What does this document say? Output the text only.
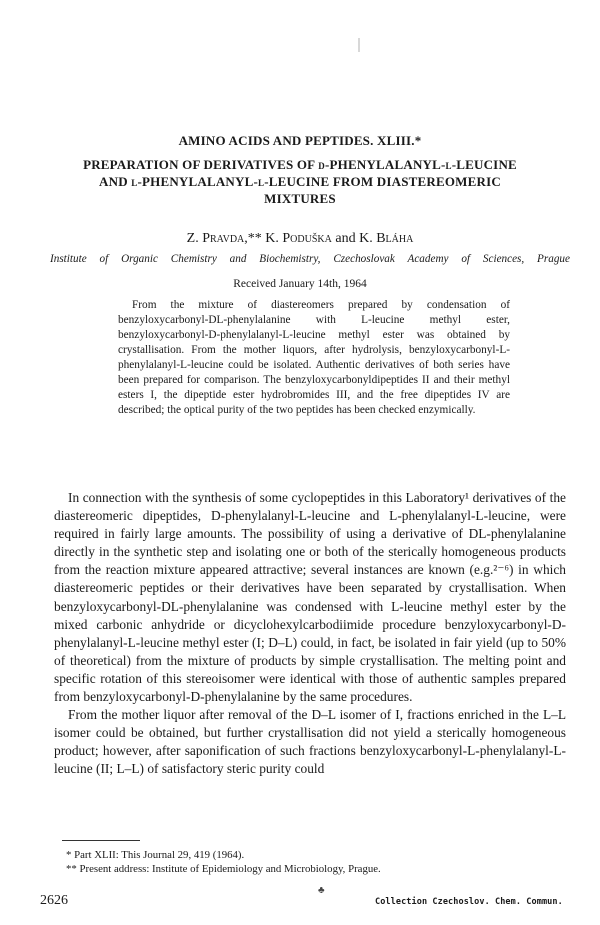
AMINO ACIDS AND PEPTIDES. XLIII.*
PREPARATION OF DERIVATIVES OF d-PHENYLALANYL-l-LEUCINE
AND l-PHENYLALANYL-l-LEUCINE FROM DIASTEREOMERIC
MIXTURES
Z. Pravda,** K. Poduška and K. Bláha
Institute of Organic Chemistry and Biochemistry, Czechoslovak Academy of Sciences, Prague
Received January 14th, 1964
From the mixture of diastereomers prepared by condensation of benzyloxycarbonyl-DL-phenylalanine with L-leucine methyl ester, benzyloxycarbonyl-D-phenylalanyl-L-leucine methyl ester was obtained by crystallisation. From the mother liquors, after hydrolysis, benzyloxycarbonyl-L-phenylalanyl-L-leucine could be isolated. Authentic derivatives of both series have been prepared for comparison. The benzyloxycarbonyldipeptides II and their methyl esters I, the dipeptide ester hydrobromides III, and the free dipeptides IV are described; the optical purity of the two peptides has been checked enzymically.

In connection with the synthesis of some cyclopeptides in this Laboratory¹ derivatives of the diastereomeric dipeptides, D-phenylalanyl-L-leucine and L-phenylalanyl-L-leucine, were required in fairly large amounts. The possibility of using a derivative of DL-phenylalanine directly in the synthetic step and isolating one or both of the sterically homogeneous products from the reaction mixture appeared attractive; several instances are known (e.g.²⁻⁶) in which diastereomeric peptides or their derivatives have been separated by crystallisation. When benzyloxycarbonyl-DL-phenylalanine was condensed with L-leucine methyl ester by the mixed carbonic anhydride or dicyclohexylcarbodiimide procedure benzyloxycarbonyl-D-phenylalanyl-L-leucine methyl ester (I; D–L) could, in fact, be isolated in fair yield (up to 50% of theoretical) from the mixture of products by simple crystallisation. The melting point and specific rotation of this stereoisomer were identical with those of authentic samples prepared from benzyloxycarbonyl-D-phenylalanine by the same procedures.

From the mother liquor after removal of the D–L isomer of I, fractions enriched in the L–L isomer could be obtained, but further crystallisation did not yield a sterically homogeneous product; however, after saponification of such fractions benzyloxycarbonyl-L-phenylalanyl-L-leucine (II; L–L) of satisfactory steric purity could

* Part XLII: This Journal 29, 419 (1964).
** Present address: Institute of Epidemiology and Microbiology, Prague.
2626
♣
Collection Czechoslov. Chem. Commun.
